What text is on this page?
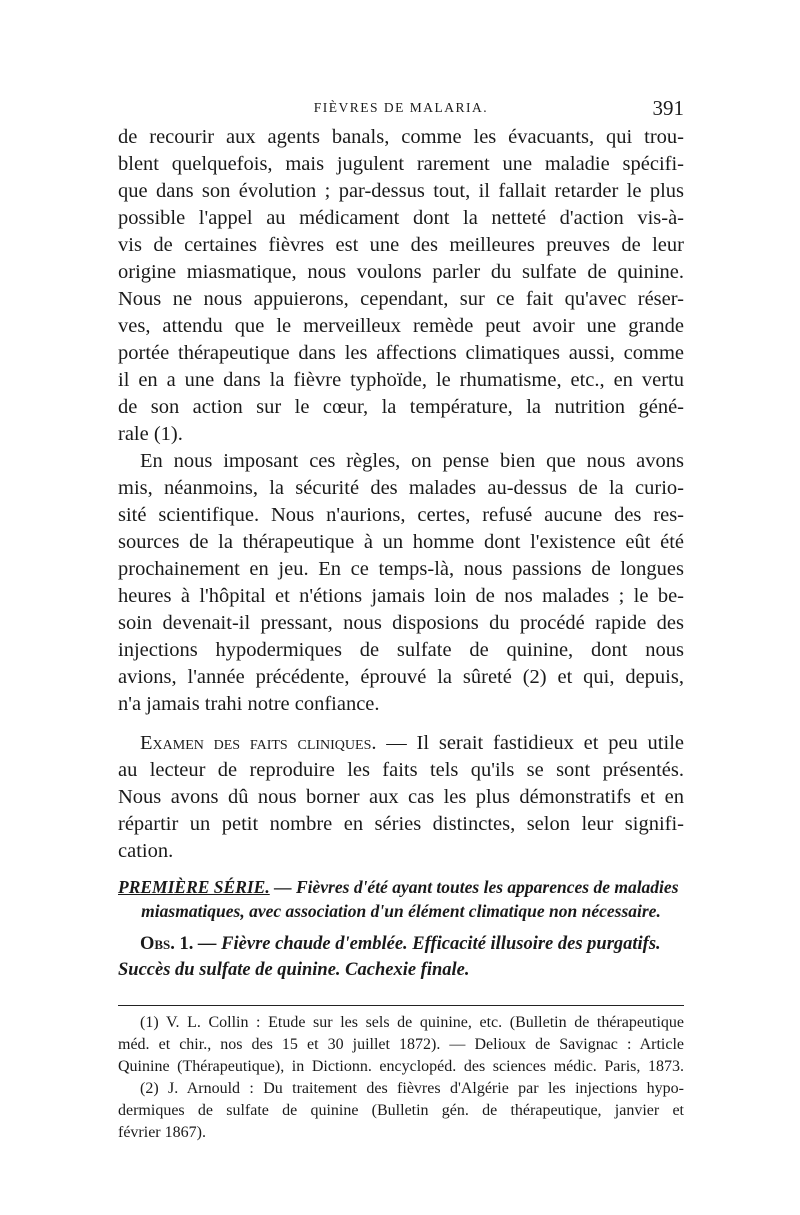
FIÈVRES DE MALARIA.	391
de recourir aux agents banals, comme les évacuants, qui trou-
blent quelquefois, mais jugulent rarement une maladie spécifi-
que dans son évolution ; par-dessus tout, il fallait retarder le plus
possible l'appel au médicament dont la netteté d'action vis-à-
vis de certaines fièvres est une des meilleures preuves de leur
origine miasmatique, nous voulons parler du sulfate de quinine.
Nous ne nous appuierons, cependant, sur ce fait qu'avec réser-
ves, attendu que le merveilleux remède peut avoir une grande
portée thérapeutique dans les affections climatiques aussi, comme
il en a une dans la fièvre typhoïde, le rhumatisme, etc., en vertu
de son action sur le cœur, la température, la nutrition géné-
rale (1).
En nous imposant ces règles, on pense bien que nous avons
mis, néanmoins, la sécurité des malades au-dessus de la curio-
sité scientifique. Nous n'aurions, certes, refusé aucune des res-
sources de la thérapeutique à un homme dont l'existence eût été
prochainement en jeu. En ce temps-là, nous passions de longues
heures à l'hôpital et n'étions jamais loin de nos malades ; le be-
soin devenait-il pressant, nous disposions du procédé rapide des
injections hypodermiques de sulfate de quinine, dont nous
avions, l'année précédente, éprouvé la sûreté (2) et qui, depuis,
n'a jamais trahi notre confiance.
Examen des faits cliniques. — Il serait fastidieux et peu utile
au lecteur de reproduire les faits tels qu'ils se sont présentés.
Nous avons dû nous borner aux cas les plus démonstratifs et en
répartir un petit nombre en séries distinctes, selon leur signifi-
cation.
PREMIÈRE SÉRIE. — Fièvres d'été ayant toutes les apparences de maladies
miasmatiques, avec association d'un élément climatique non nécessaire.
Obs. 1. — Fièvre chaude d'emblée. Efficacité illusoire des purgatifs.
Succès du sulfate de quinine. Cachexie finale.
(1) V. L. Collin : Etude sur les sels de quinine, etc. (Bulletin de thérapeutique
méd. et chir., nos des 15 et 30 juillet 1872). — Delioux de Savignac : Article
Quinine (Thérapeutique), in Dictionn. encyclopéd. des sciences médic. Paris, 1873.
(2) J. Arnould : Du traitement des fièvres d'Algérie par les injections hypo-
dermiques de sulfate de quinine (Bulletin gén. de thérapeutique, janvier et
février 1867).
